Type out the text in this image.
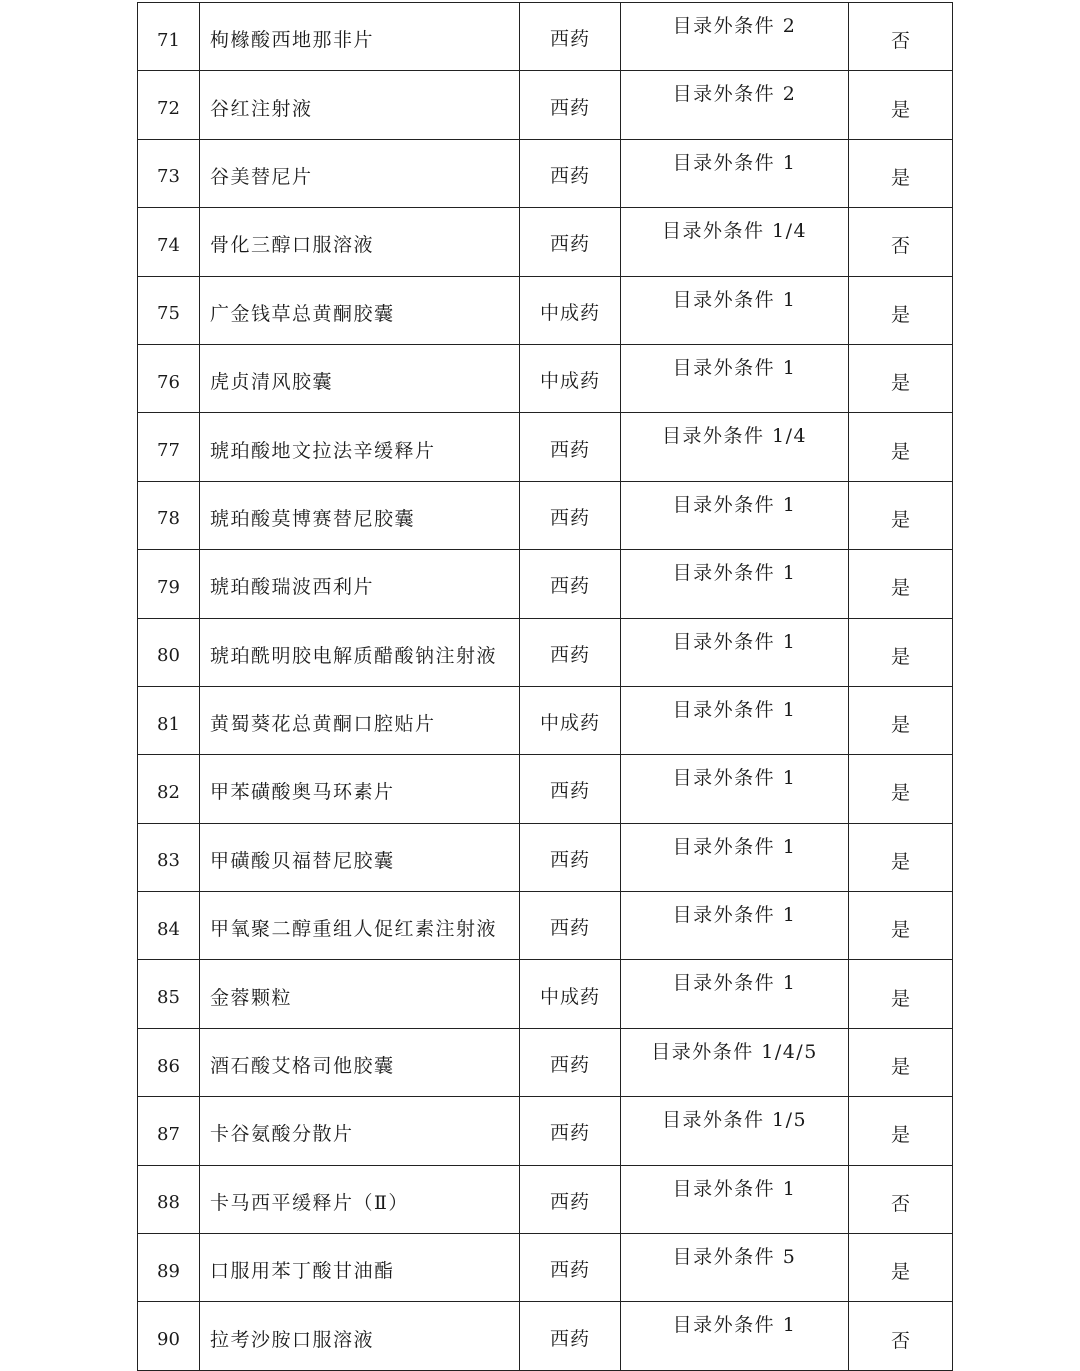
71	枸橼酸西地那非片	西药	目录外条件 2	否
72	谷红注射液	西药	目录外条件 2	是
73	谷美替尼片	西药	目录外条件 1	是
74	骨化三醇口服溶液	西药	目录外条件 1/4	否
75	广金钱草总黄酮胶囊	中成药	目录外条件 1	是
76	虎贞清风胶囊	中成药	目录外条件 1	是
77	琥珀酸地文拉法辛缓释片	西药	目录外条件 1/4	是
78	琥珀酸莫博赛替尼胶囊	西药	目录外条件 1	是
79	琥珀酸瑞波西利片	西药	目录外条件 1	是
80	琥珀酰明胶电解质醋酸钠注射液	西药	目录外条件 1	是
81	黄蜀葵花总黄酮口腔贴片	中成药	目录外条件 1	是
82	甲苯磺酸奥马环素片	西药	目录外条件 1	是
83	甲磺酸贝福替尼胶囊	西药	目录外条件 1	是
84	甲氧聚二醇重组人促红素注射液	西药	目录外条件 1	是
85	金蓉颗粒	中成药	目录外条件 1	是
86	酒石酸艾格司他胶囊	西药	目录外条件 1/4/5	是
87	卡谷氨酸分散片	西药	目录外条件 1/5	是
88	卡马西平缓释片（Ⅱ）	西药	目录外条件 1	否
89	口服用苯丁酸甘油酯	西药	目录外条件 5	是
90	拉考沙胺口服溶液	西药	目录外条件 1	否
